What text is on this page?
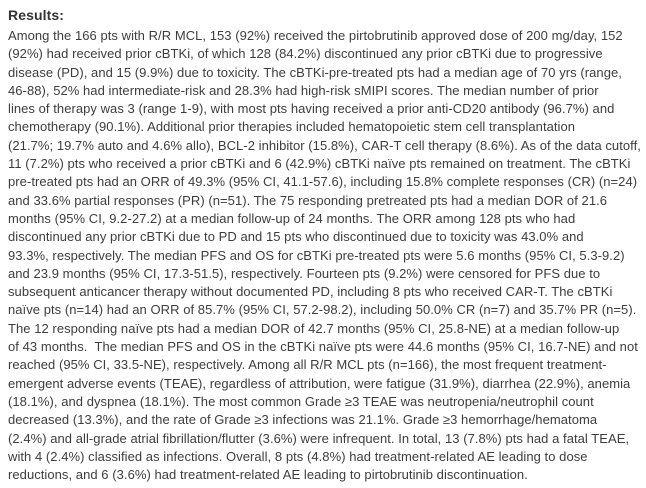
Results:
Among the 166 pts with R/R MCL, 153 (92%) received the pirtobrutinib approved dose of 200 mg/day, 152
(92%) had received prior cBTKi, of which 128 (84.2%) discontinued any prior cBTKi due to progressive
disease (PD), and 15 (9.9%) due to toxicity. The cBTKi-pre-treated pts had a median age of 70 yrs (range,
46-88), 52% had intermediate-risk and 28.3% had high-risk sMIPI scores. The median number of prior
lines of therapy was 3 (range 1-9), with most pts having received a prior anti-CD20 antibody (96.7%) and
chemotherapy (90.1%). Additional prior therapies included hematopoietic stem cell transplantation
(21.7%; 19.7% auto and 4.6% allo), BCL-2 inhibitor (15.8%), CAR-T cell therapy (8.6%). As of the data cutoff,
11 (7.2%) pts who received a prior cBTKi and 6 (42.9%) cBTKi naïve pts remained on treatment. The cBTKi
pre-treated pts had an ORR of 49.3% (95% CI, 41.1-57.6), including 15.8% complete responses (CR) (n=24)
and 33.6% partial responses (PR) (n=51). The 75 responding pretreated pts had a median DOR of 21.6
months (95% CI, 9.2-27.2) at a median follow-up of 24 months. The ORR among 128 pts who had
discontinued any prior cBTKi due to PD and 15 pts who discontinued due to toxicity was 43.0% and
93.3%, respectively. The median PFS and OS for cBTKi pre-treated pts were 5.6 months (95% CI, 5.3-9.2)
and 23.9 months (95% CI, 17.3-51.5), respectively. Fourteen pts (9.2%) were censored for PFS due to
subsequent anticancer therapy without documented PD, including 8 pts who received CAR-T. The cBTKi
naïve pts (n=14) had an ORR of 85.7% (95% CI, 57.2-98.2), including 50.0% CR (n=7) and 35.7% PR (n=5).
The 12 responding naïve pts had a median DOR of 42.7 months (95% CI, 25.8-NE) at a median follow-up
of 43 months.  The median PFS and OS in the cBTKi naïve pts were 44.6 months (95% CI, 16.7-NE) and not
reached (95% CI, 33.5-NE), respectively. Among all R/R MCL pts (n=166), the most frequent treatment-
emergent adverse events (TEAE), regardless of attribution, were fatigue (31.9%), diarrhea (22.9%), anemia
(18.1%), and dyspnea (18.1%). The most common Grade ≥3 TEAE was neutropenia/neutrophil count
decreased (13.3%), and the rate of Grade ≥3 infections was 21.1%. Grade ≥3 hemorrhage/hematoma
(2.4%) and all-grade atrial fibrillation/flutter (3.6%) were infrequent. In total, 13 (7.8%) pts had a fatal TEAE,
with 4 (2.4%) classified as infections. Overall, 8 pts (4.8%) had treatment-related AE leading to dose
reductions, and 6 (3.6%) had treatment-related AE leading to pirtobrutinib discontinuation.
